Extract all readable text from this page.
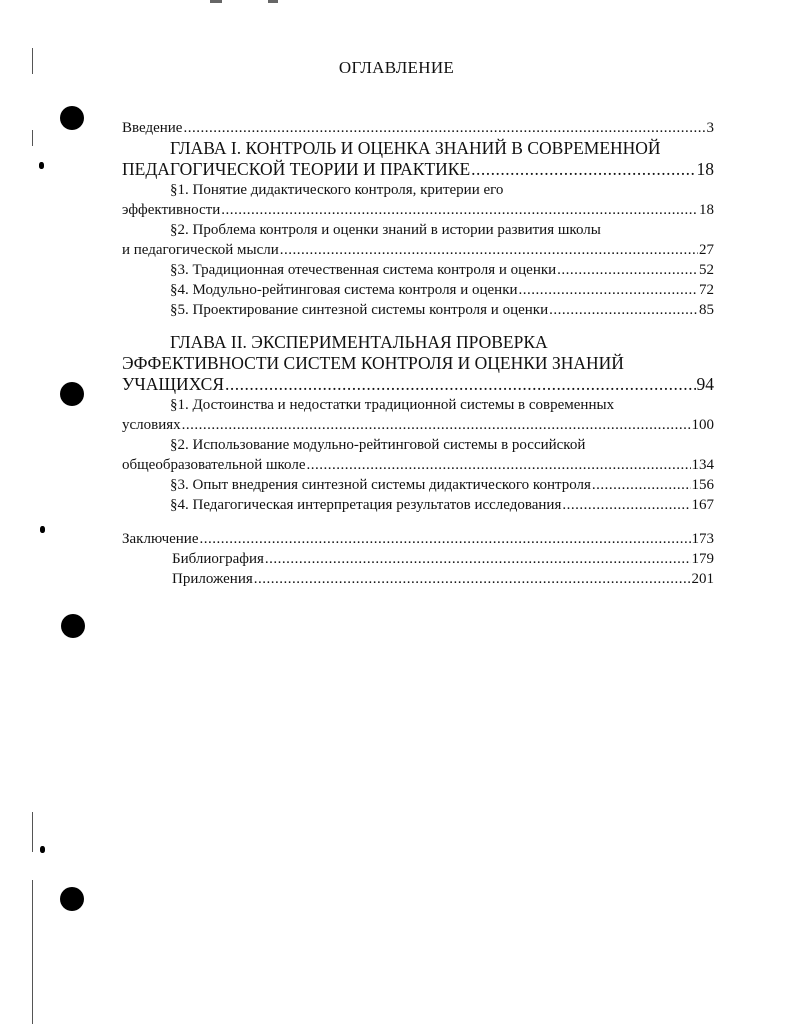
ОГЛАВЛЕНИЕ
Введение .....	3
ГЛАВА I. КОНТРОЛЬ И ОЦЕНКА ЗНАНИЙ В СОВРЕМЕННОЙ
ПЕДАГОГИЧЕСКОЙ ТЕОРИИ И ПРАКТИКЕ .....	18
§1. Понятие дидактического контроля, критерии его
эффективности .....	18
§2. Проблема контроля и оценки знаний в истории развития школы
и педагогической мысли .....	27
§3. Традиционная отечественная система контроля и оценки .....	52
§4. Модульно-рейтинговая система контроля и оценки .....	72
§5. Проектирование синтезной системы контроля и оценки .....	85
ГЛАВА II. ЭКСПЕРИМЕНТАЛЬНАЯ ПРОВЕРКА
ЭФФЕКТИВНОСТИ СИСТЕМ КОНТРОЛЯ И ОЦЕНКИ ЗНАНИЙ
УЧАЩИХСЯ .....	94
§1. Достоинства и недостатки традиционной системы в современных
условиях .....	100
§2. Использование модульно-рейтинговой системы в российской
общеобразовательной школе .....	134
§3. Опыт внедрения синтезной системы дидактического контроля .....	156
§4. Педагогическая интерпретация результатов исследования .....	167
Заключение .....	173
Библиография .....	179
Приложения .....	201
